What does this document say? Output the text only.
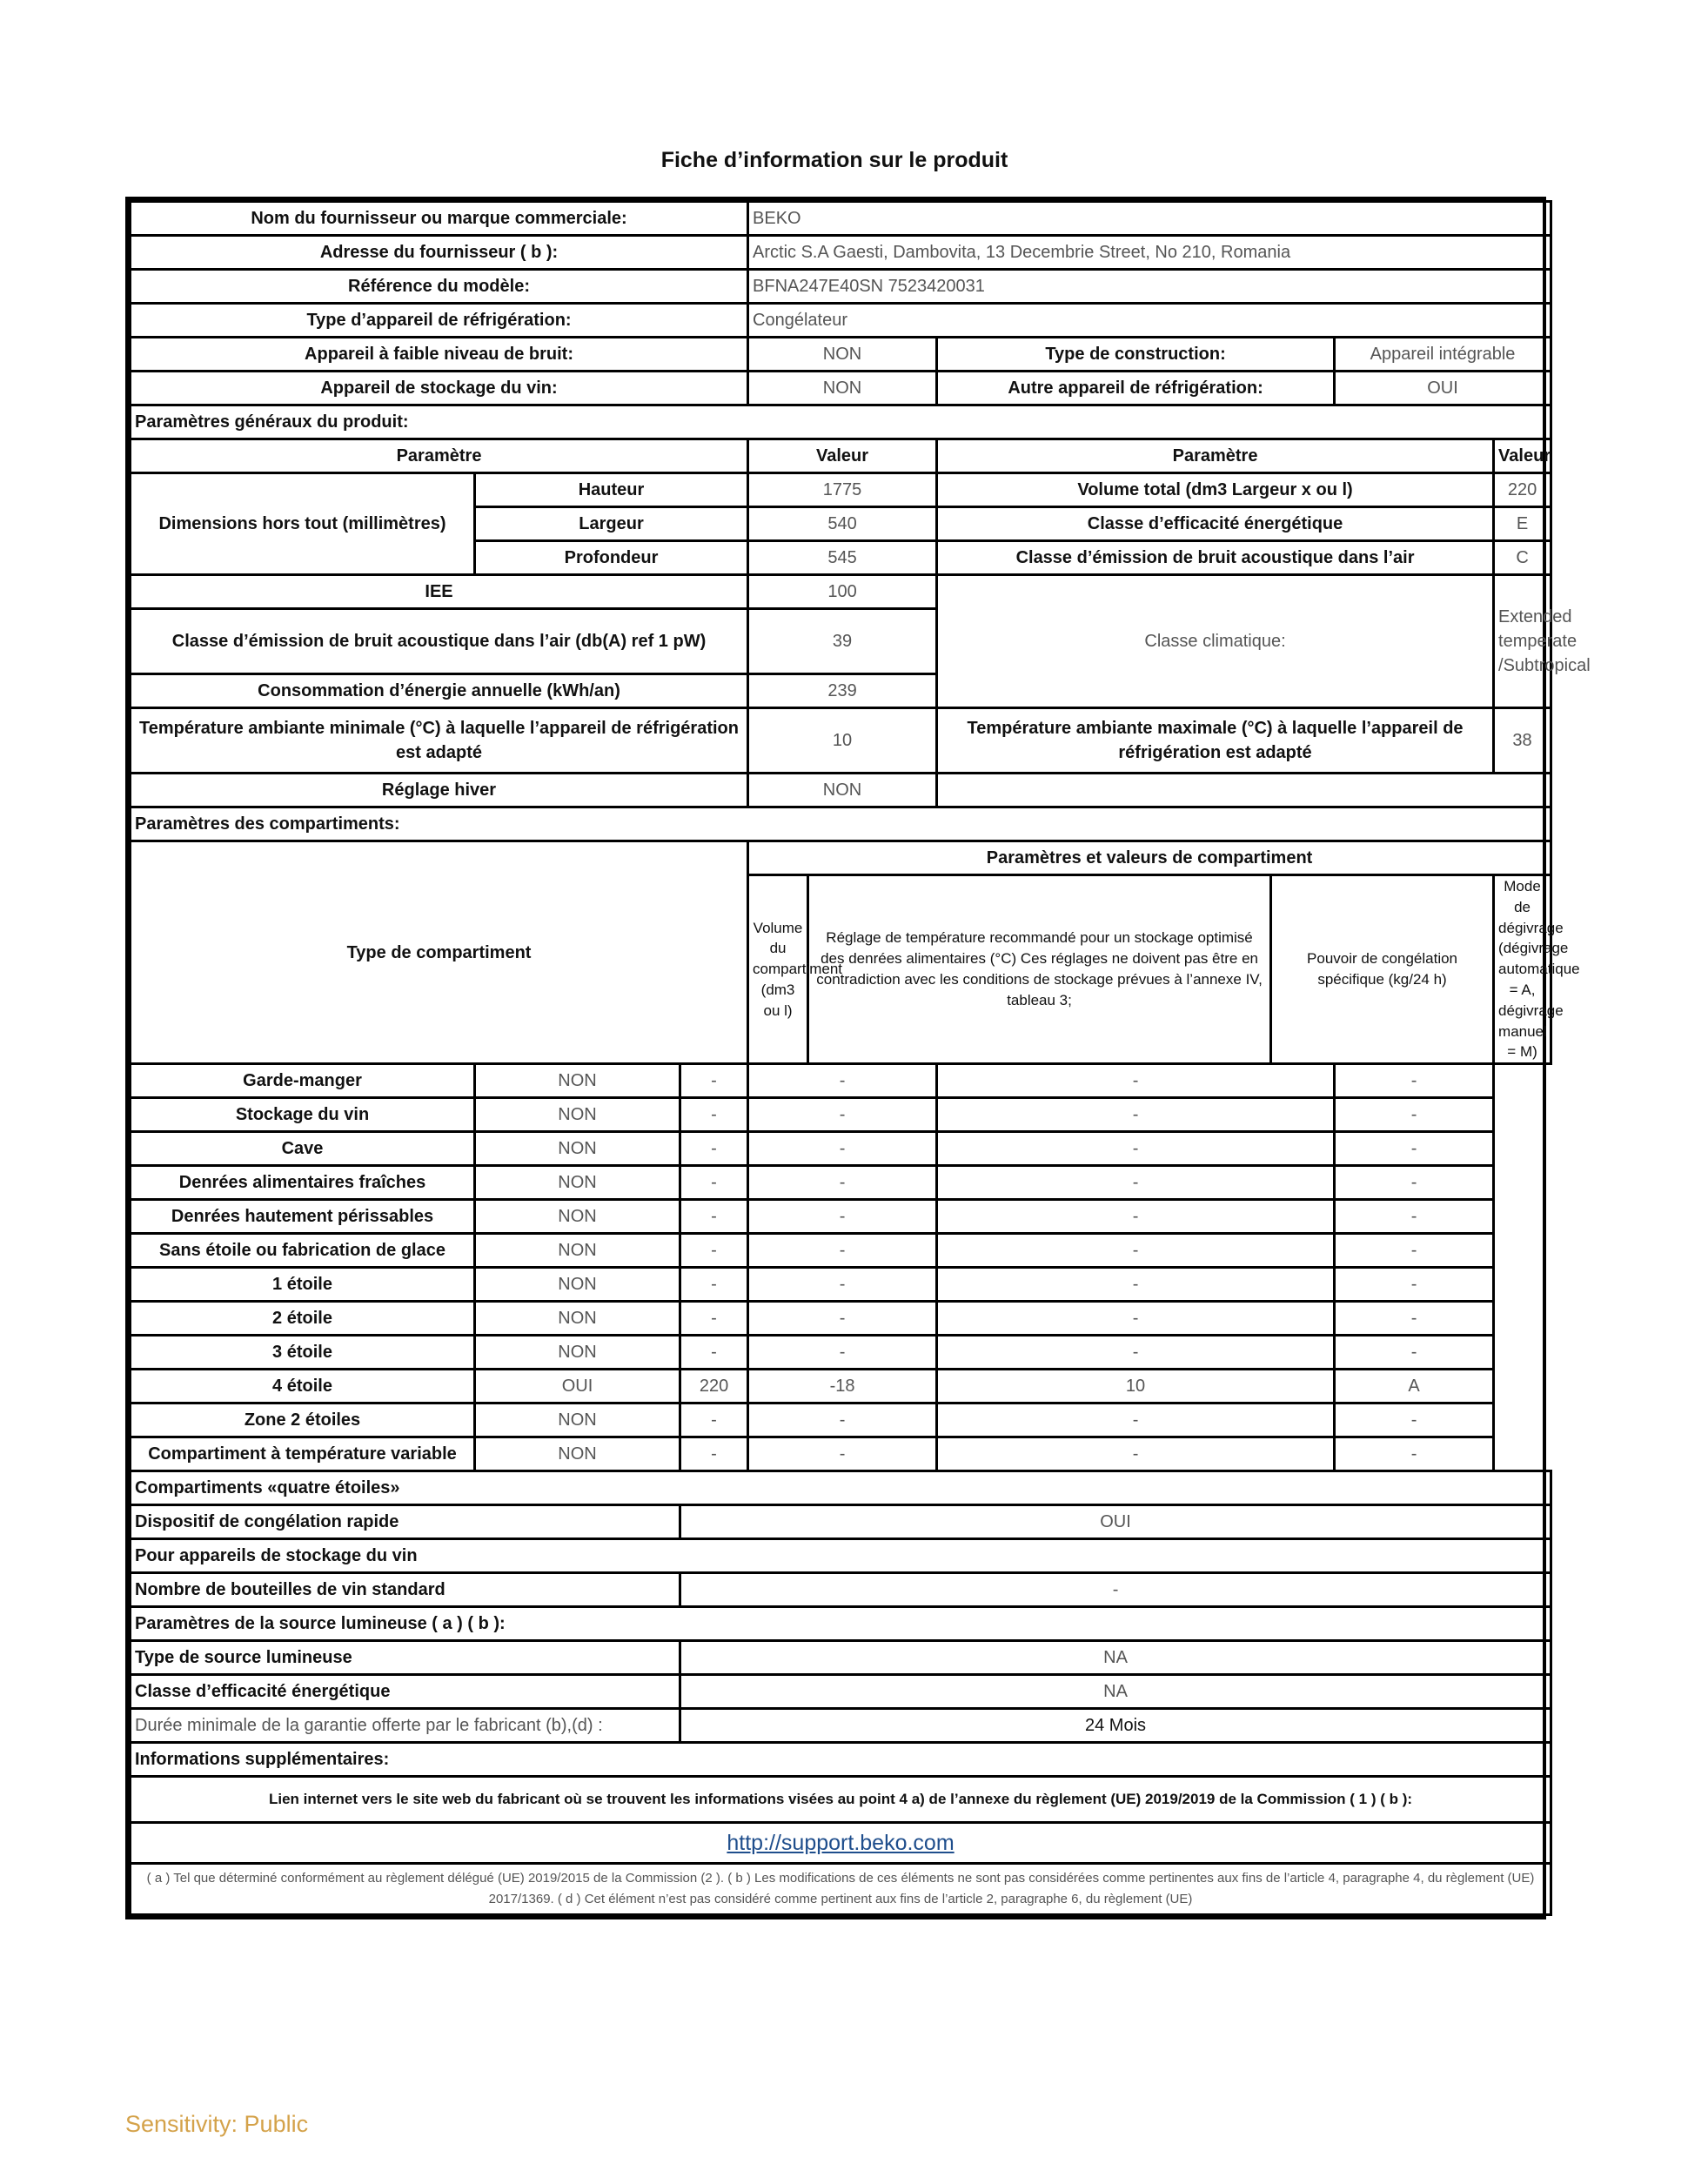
Fiche d’information sur le produit
Nom du fournisseur ou marque commerciale:			BEKO					
Adresse du fournisseur ( b ):			Arctic S.A Gaesti, Dambovita, 13 Decembrie Street, No 210, Romania					
Référence du modèle:			BFNA247E40SN 7523420031					
Type d’appareil de réfrigération:			Congélateur					
Appareil à faible niveau de bruit:			NON		Type de construction:		Appareil intégrable	
Appareil de stockage du vin:			NON		Autre appareil de réfrigération:		OUI	
Paramètres généraux du produit:								
Paramètre			Valeur		Paramètre			Valeur
Dimensions hors tout (millimètres)	Hauteur		1775		Volume total (dm3 Largeur x ou l)			220
	Largeur		540		Classe d’efficacité énergétique			E
	Profondeur		545		Classe d’émission de bruit acoustique dans l’air			C
IEE			100		Classe climatique:			Extended temperate /Subtropical
Classe d’émission de bruit acoustique dans l’air (db(A) ref 1 pW)			39					
Consommation d’énergie annuelle (kWh/an)			239					
Température ambiante minimale (°C) à laquelle l’appareil de réfrigération est adapté			10		Température ambiante maximale (°C) à laquelle l’appareil de réfrigération est adapté			38
Réglage hiver			NON					
Paramètres des compartiments:								
Type de compartiment			Paramètres et valeurs de compartiment					
			Volume du compartiment (dm3 ou l)	Réglage de température recommandé pour un stockage optimisé des denrées alimentaires (°C) Ces réglages ne doivent pas être en contradiction avec les conditions de stockage prévues à l’annexe IV, tableau 3;		Pouvoir de congélation spécifique (kg/24 h)		Mode de dégivrage (dégivrage automatique = A, dégivrage manuel = M)
Garde-manger	NON	-	-		-		-	
Stockage du vin	NON	-	-		-		-	
Cave	NON	-	-		-		-	
Denrées alimentaires fraîches	NON	-	-		-		-	
Denrées hautement périssables	NON	-	-		-		-	
Sans étoile ou fabrication de glace	NON	-	-		-		-	
1 étoile	NON	-	-		-		-	
2 étoile	NON	-	-		-		-	
3 étoile	NON	-	-		-		-	
4 étoile	OUI	220	-18		10		A	
Zone 2 étoiles	NON	-	-		-		-	
Compartiment à température variable	NON	-	-		-		-	
Compartiments «quatre étoiles»								
Dispositif de congélation rapide		OUI						
Pour appareils de stockage du vin								
Nombre de bouteilles de vin standard		-						
Paramètres de la source lumineuse ( a ) ( b ):								
Type de source lumineuse		NA						
Classe d’efficacité énergétique		NA						
Durée minimale de la garantie offerte par le fabricant (b),(d) :		24 Mois						
Informations supplémentaires:								
Lien internet vers le site web du fabricant où se trouvent les informations visées au point 4 a) de l’annexe du règlement (UE) 2019/2019 de la Commission ( 1 ) ( b ):								
http://support.beko.com								
( a ) Tel que déterminé conformément au règlement délégué (UE) 2019/2015 de la Commission (2 ). ( b ) Les modifications de ces éléments ne sont pas considérées comme pertinentes aux fins de l’article 4, paragraphe 4, du règlement (UE) 2017/1369. ( d ) Cet élément n’est pas considéré comme pertinent aux fins de l’article 2, paragraphe 6, du règlement (UE)								
Sensitivity: Public
